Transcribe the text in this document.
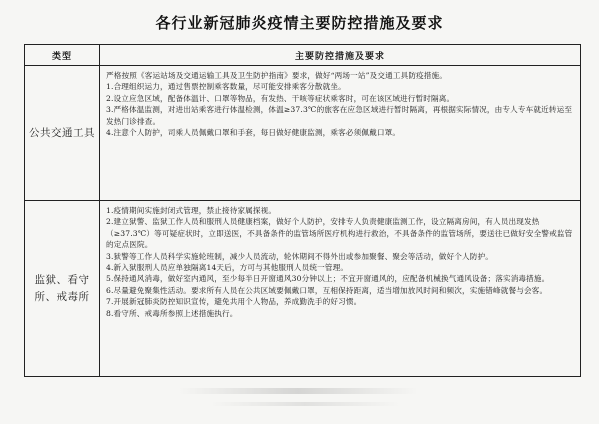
各行业新冠肺炎疫情主要防控措施及要求
类型	主要防控措施及要求
公共交通工具

严格按照《客运站场及交通运输工具及卫生防护指南》要求，做好“两场一站”及交通工具防疫措施。

1.合理组织运力，通过售票控制乘客数量，尽可能安排乘客分散就坐。

2.设立应急区域，配备体温计、口罩等物品，有发热、干咳等症状乘客时，可在该区域进行暂时隔离。

3.严格体温监测，对进出站乘客进行体温检测，体温≥37.3℃的旅客在应急区域进行暂时隔离，再根据实际情况，由专人专车就近转运至发热门诊排查。

4.注意个人防护，司乘人员佩戴口罩和手套，每日做好健康监测，乘客必须佩戴口罩。

监狱、看守所、戒毒所

1.疫情期间实施封闭式管理，禁止接待家属探视。

2.建立狱警、监狱工作人员和服刑人员健康档案，做好个人防护，安排专人负责健康监测工作，设立隔离房间，有人员出现发热（≥37.3℃）等可疑症状时，立即送医，不具备条件的监管场所医疗机构进行救治，不具备条件的监管场所，要送往已做好安全警戒监管的定点医院。

3.狱警等工作人员科学实施轮班制，减少人员流动，轮休期间不得外出或参加聚餐、聚会等活动，做好个人防护。

4.新入狱服刑人员应单独隔离14天后，方可与其他服刑人员统一管理。

5.保持通风消毒，做好室内通风，至少每半日开窗通风30分钟以上；不宜开窗通风的，应配备机械换气通风设备；落实消毒措施。

6.尽量避免聚集性活动。要求所有人员在公共区域要佩戴口罩，互相保持距离，适当增加放风时间和频次，实施错峰就餐与会客。

7.开展新冠肺炎防控知识宣传，避免共用个人物品，养成勤洗手的好习惯。

8.看守所、戒毒所参照上述措施执行。
